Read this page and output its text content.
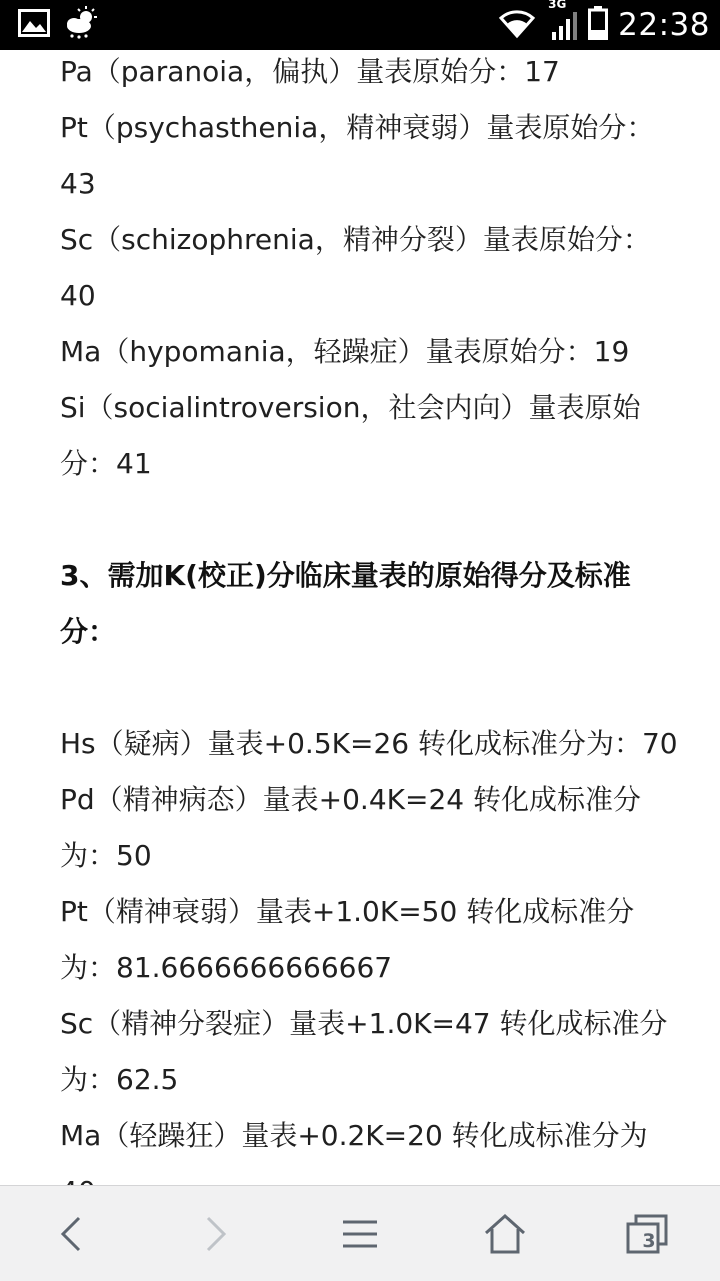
3G
22:38
Pa（paranoia，偏执）量表原始分：17
Pt（psychasthenia，精神衰弱）量表原始分：
43
Sc（schizophrenia，精神分裂）量表原始分：
40
Ma（hypomania，轻躁症）量表原始分：19
Si（socialintroversion，社会内向）量表原始
分：41
3、需加K(校正)分临床量表的原始得分及标准
分：
Hs（疑病）量表+0.5K=26 转化成标准分为：70
Pd（精神病态）量表+0.4K=24 转化成标准分
为：50
Pt（精神衰弱）量表+1.0K=50 转化成标准分
为：81.6666666666667
Sc（精神分裂症）量表+1.0K=47 转化成标准分
为：62.5
Ma（轻躁狂）量表+0.2K=20 转化成标准分为
3
